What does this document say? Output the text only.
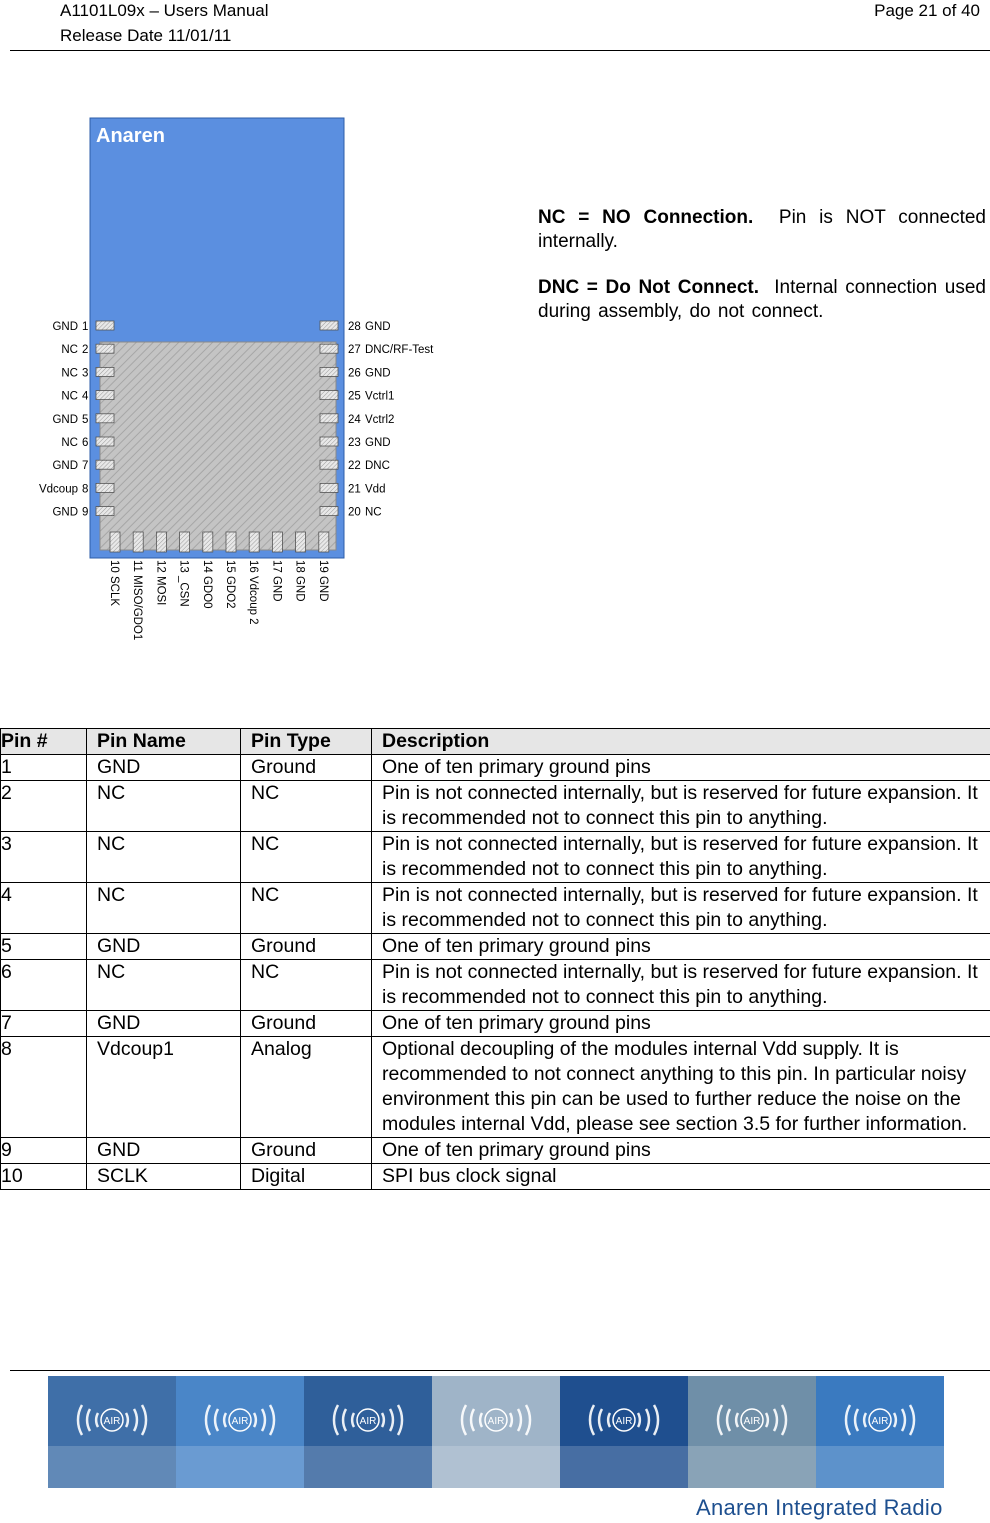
A1101L09x – Users Manual
Release Date 11/01/11
Page 21 of 40
Anaren
GND 1
NC 2
NC 3
NC 4
GND 5
NC 6
GND 7
Vdcoup 8
GND 9
28 GND
27 DNC/RF-Test
26 GND
25 Vctrl1
24 Vctrl2
23 GND
22 DNC
21 Vdd
20 NC
10 SCLK 11 MISO/GDO1 12 MOSI 13 _CSN 14 GDO0 15 GDO2 16 Vdcoup 2 17 GND 18 GND 19 GND

NC = NO Connection. Pin is NOT connected internally.

DNC = Do Not Connect. Internal connection used during assembly, do not connect.

Pin #	Pin Name	Pin Type	Description
1	GND	Ground	One of ten primary ground pins
2	NC	NC	Pin is not connected internally, but is reserved for future expansion. It is recommended not to connect this pin to anything.
3	NC	NC	Pin is not connected internally, but is reserved for future expansion. It is recommended not to connect this pin to anything.
4	NC	NC	Pin is not connected internally, but is reserved for future expansion. It is recommended not to connect this pin to anything.
5	GND	Ground	One of ten primary ground pins
6	NC	NC	Pin is not connected internally, but is reserved for future expansion. It is recommended not to connect this pin to anything.
7	GND	Ground	One of ten primary ground pins
8	Vdcoup1	Analog	Optional decoupling of the modules internal Vdd supply. It is recommended to not connect anything to this pin. In particular noisy environment this pin can be used to further reduce the noise on the modules internal Vdd, please see section 3.5 for further information.
9	GND	Ground	One of ten primary ground pins
10	SCLK	Digital	SPI bus clock signal
AIR	AIR	AIR	AIR	AIR	AIR	AIR
Anaren Integrated Radio
